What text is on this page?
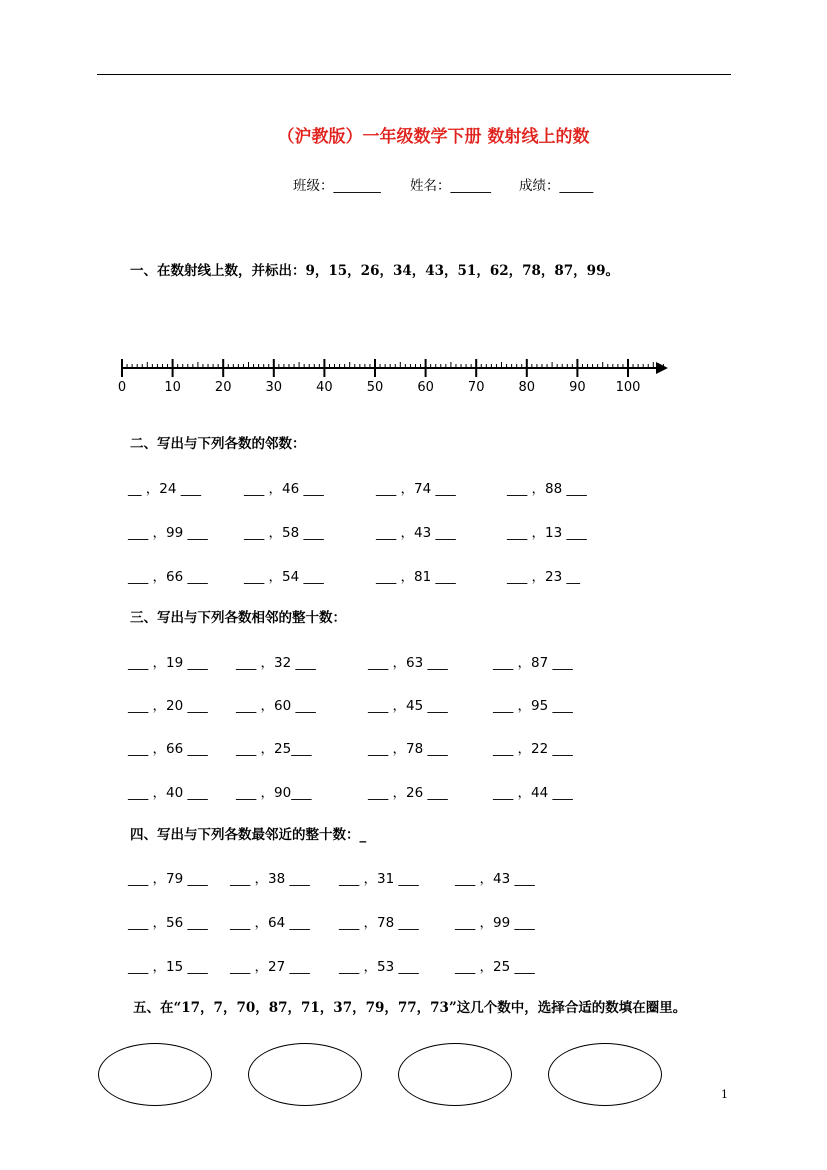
（沪教版）一年级数学下册 数射线上的数
班级：_______ 姓名：______ 成绩：_____
一、在数射线上数，并标出：9，15，26，34，43，51，62，78，87，99。
0	10	20	30	40	50	60	70	80	90 100
二、写出与下列各数的邻数：
__ ，24 ___	___ ，46 ___	___ ，74 ___	___ ，88 ___
___ ，99 ___	___ ，58 ___	___ ，43 ___	___ ，13 ___
___ ，66 ___	___ ，54 ___	___ ，81 ___	___ ，23 __
三、写出与下列各数相邻的整十数：
___ ，19 ___ ___ ，32 ___	___ ，63 ___	___ ，87 ___
___ ，20 ___ ___ ，60 ___	___ ，45 ___	___ ，95 ___
___ ，66 ___ ___ ，25___	___ ，78 ___	___ ，22 ___
___ ，40 ___ ___ ，90___	___ ，26 ___	___ ，44 ___
四、写出与下列各数最邻近的整十数：_
___ ，79 ___ ___ ，38 ___ ___ ，31 ___	___ ，43 ___
___ ，56 ___ ___ ，64 ___ ___ ，78 ___	___ ，99 ___
___ ，15 ___ ___ ，27 ___ ___ ，53 ___	___ ，25 ___
五、在“17，7，70，87，71，37，79，77，73”这几个数中，选择合适的数填在圈里。
1
